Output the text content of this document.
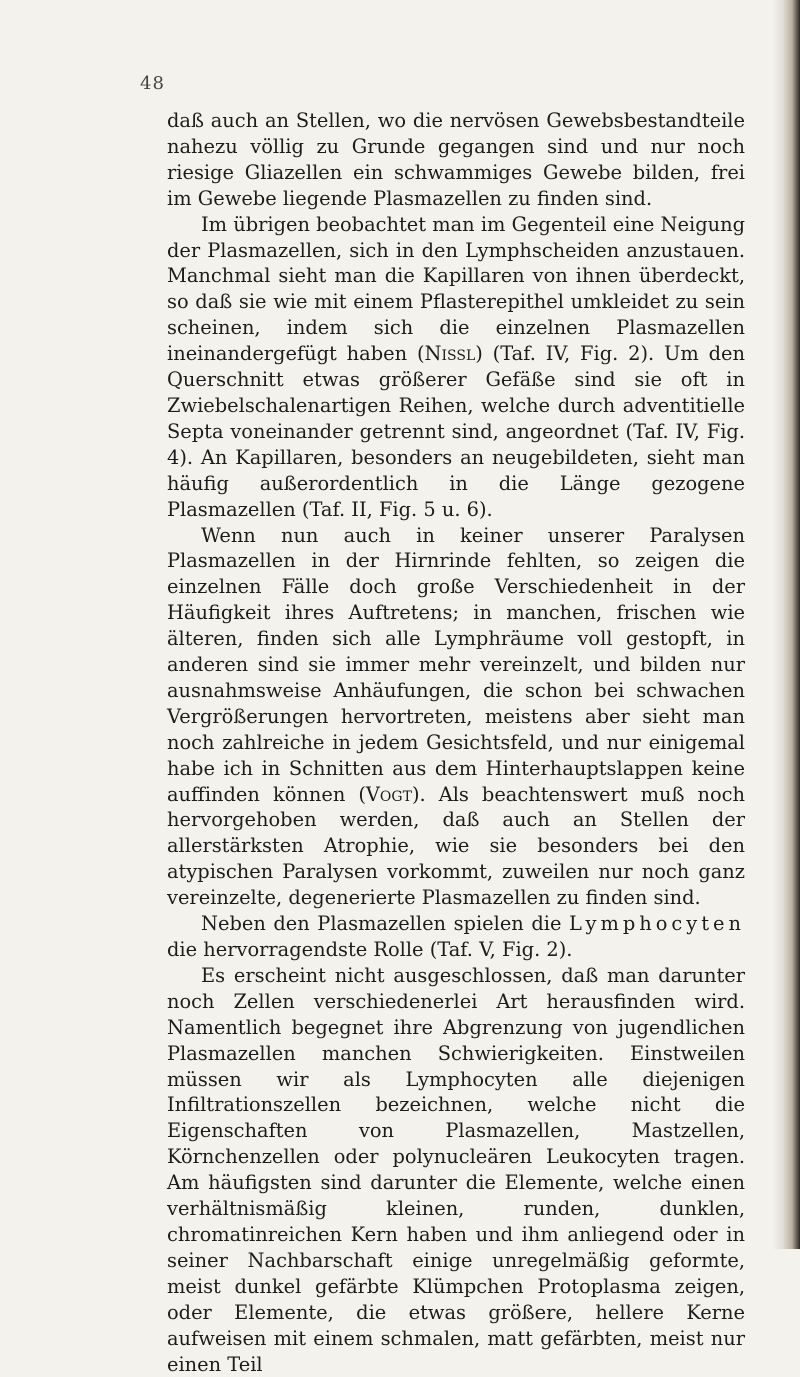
48

daß auch an Stellen, wo die nervösen Gewebsbestandteile nahezu völlig zu Grunde gegangen sind und nur noch riesige Gliazellen ein schwammiges Gewebe bilden, frei im Gewebe liegende Plasmazellen zu finden sind.

Im übrigen beobachtet man im Gegenteil eine Neigung der Plasmazellen, sich in den Lymphscheiden anzustauen. Manchmal sieht man die Kapillaren von ihnen überdeckt, so daß sie wie mit einem Pflasterepithel umkleidet zu sein scheinen, indem sich die einzelnen Plasmazellen ineinandergefügt haben (Nissl) (Taf. IV, Fig. 2). Um den Querschnitt etwas größerer Gefäße sind sie oft in Zwiebelschalenartigen Reihen, welche durch adventitielle Septa voneinander getrennt sind, angeordnet (Taf. IV, Fig. 4). An Kapillaren, besonders an neugebildeten, sieht man häufig außerordentlich in die Länge gezogene Plasmazellen (Taf. II, Fig. 5 u. 6).

Wenn nun auch in keiner unserer Paralysen Plasmazellen in der Hirnrinde fehlten, so zeigen die einzelnen Fälle doch große Verschiedenheit in der Häufigkeit ihres Auftretens; in manchen, frischen wie älteren, finden sich alle Lymphräume voll gestopft, in anderen sind sie immer mehr vereinzelt, und bilden nur ausnahmsweise Anhäufungen, die schon bei schwachen Vergrößerungen hervortreten, meistens aber sieht man noch zahlreiche in jedem Gesichtsfeld, und nur einigemal habe ich in Schnitten aus dem Hinterhauptslappen keine auffinden können (Vogt). Als beachtenswert muß noch hervorgehoben werden, daß auch an Stellen der allerstärksten Atrophie, wie sie besonders bei den atypischen Paralysen vorkommt, zuweilen nur noch ganz vereinzelte, degenerierte Plasmazellen zu finden sind.

Neben den Plasmazellen spielen die Lymphocyten die hervorragendste Rolle (Taf. V, Fig. 2).

Es erscheint nicht ausgeschlossen, daß man darunter noch Zellen verschiedenerlei Art herausfinden wird. Namentlich begegnet ihre Abgrenzung von jugendlichen Plasmazellen manchen Schwierigkeiten. Einstweilen müssen wir als Lymphocyten alle diejenigen Infiltrationszellen bezeichnen, welche nicht die Eigenschaften von Plasmazellen, Mastzellen, Körnchenzellen oder polynucleären Leukocyten tragen. Am häufigsten sind darunter die Elemente, welche einen verhältnismäßig kleinen, runden, dunklen, chromatinreichen Kern haben und ihm anliegend oder in seiner Nachbarschaft einige unregelmäßig geformte, meist dunkel gefärbte Klümpchen Protoplasma zeigen, oder Elemente, die etwas größere, hellere Kerne aufweisen mit einem schmalen, matt gefärbten, meist nur einen Teil
